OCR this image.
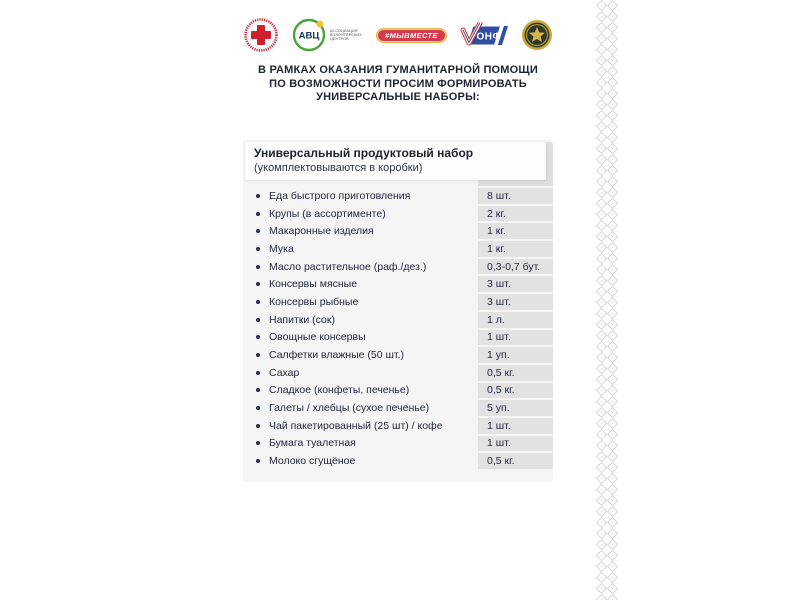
АВЦ	АССОЦИАЦИЯ ВОЛОНТЁРСКИХ ЦЕНТРОВ	#МЫВМЕСТЕ	ОНФ
В РАМКАХ ОКАЗАНИЯ ГУМАНИТАРНОЙ ПОМОЩИ
ПО ВОЗМОЖНОСТИ ПРОСИМ ФОРМИРОВАТЬ
УНИВЕРСАЛЬНЫЕ НАБОРЫ:
Универсальный продуктовый набор
(укомплектовываются в коробки)
Еда быстрого приготовления	8 шт.
Крупы (в ассортименте)	2 кг.
Макаронные изделия	1 кг.
Мука	1 кг.
Масло растительное (раф./дез.)	0,3-0,7 бут.
Консервы мясные	3 шт.
Консервы рыбные	3 шт.
Напитки (сок)	1 л.
Овощные консервы	1 шт.
Салфетки влажные (50 шт.)	1 уп.
Сахар	0,5 кг.
Сладкое (конфеты, печенье)	0,5 кг.
Галеты / хлебцы (сухое печенье)	5 уп.
Чай пакетированный (25 шт) / кофе	1 шт.
Бумага туалетная	1 шт.
Молоко сгущёное	0,5 кг.
